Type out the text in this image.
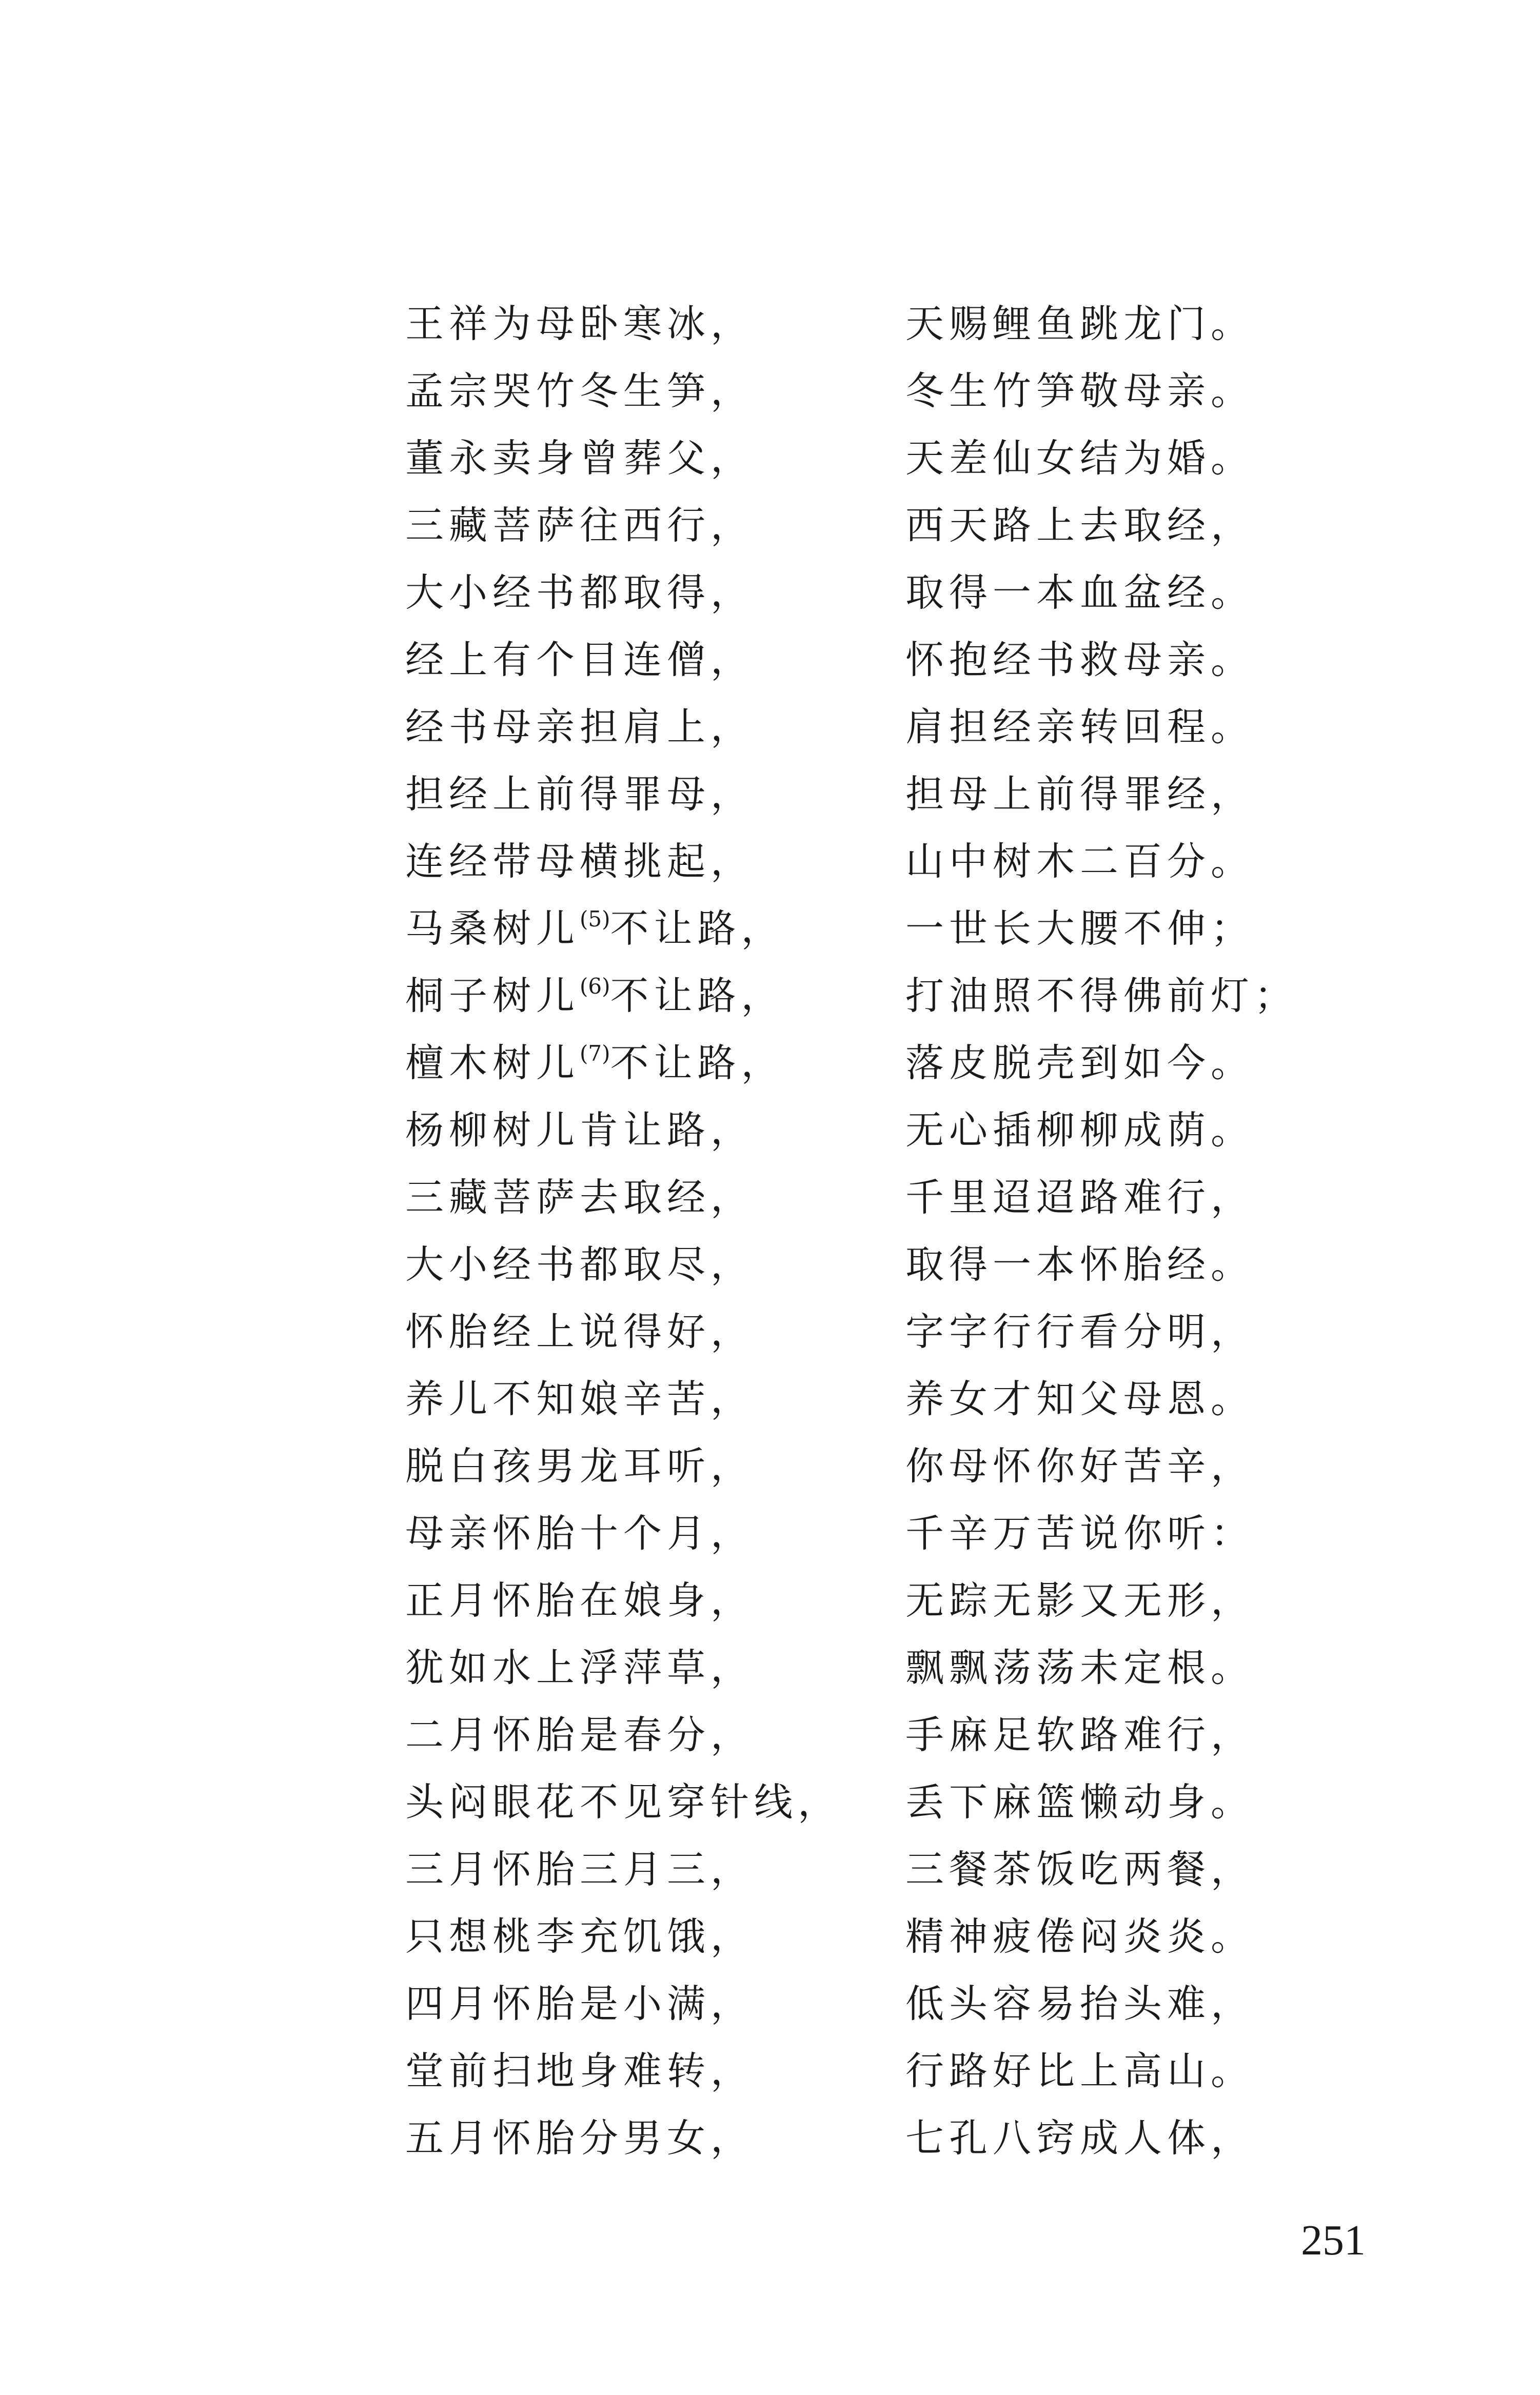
王祥为母卧寒冰，	天赐鲤鱼跳龙门。
孟宗哭竹冬生笋，	冬生竹笋敬母亲。
董永卖身曾葬父，	天差仙女结为婚。
三藏菩萨往西行，	西天路上去取经，
大小经书都取得，	取得一本血盆经。
经上有个目连僧，	怀抱经书救母亲。
经书母亲担肩上，	肩担经亲转回程。
担经上前得罪母，	担母上前得罪经，
连经带母横挑起，	山中树木二百分。
马桑树儿$^{(5)}$不让路，	一世长大腰不伸；
桐子树儿$^{(6)}$不让路，	打油照不得佛前灯；
檀木树儿$^{(7)}$不让路，	落皮脱壳到如今。
杨柳树儿肯让路，	无心插柳柳成荫。
三藏菩萨去取经，	千里迢迢路难行，
大小经书都取尽，	取得一本怀胎经。
怀胎经上说得好，	字字行行看分明，
养儿不知娘辛苦，	养女才知父母恩。
脱白孩男龙耳听，	你母怀你好苦辛，
母亲怀胎十个月，	千辛万苦说你听：
正月怀胎在娘身，	无踪无影又无形，
犹如水上浮萍草，	飘飘荡荡未定根。
二月怀胎是春分，	手麻足软路难行，
头闷眼花不见穿针线， 丢下麻篮懒动身。
三月怀胎三月三，	三餐茶饭吃两餐，
只想桃李充饥饿，	精神疲倦闷炎炎。
四月怀胎是小满，	低头容易抬头难，
堂前扫地身难转，	行路好比上高山。
五月怀胎分男女，	七孔八窍成人体，
251
